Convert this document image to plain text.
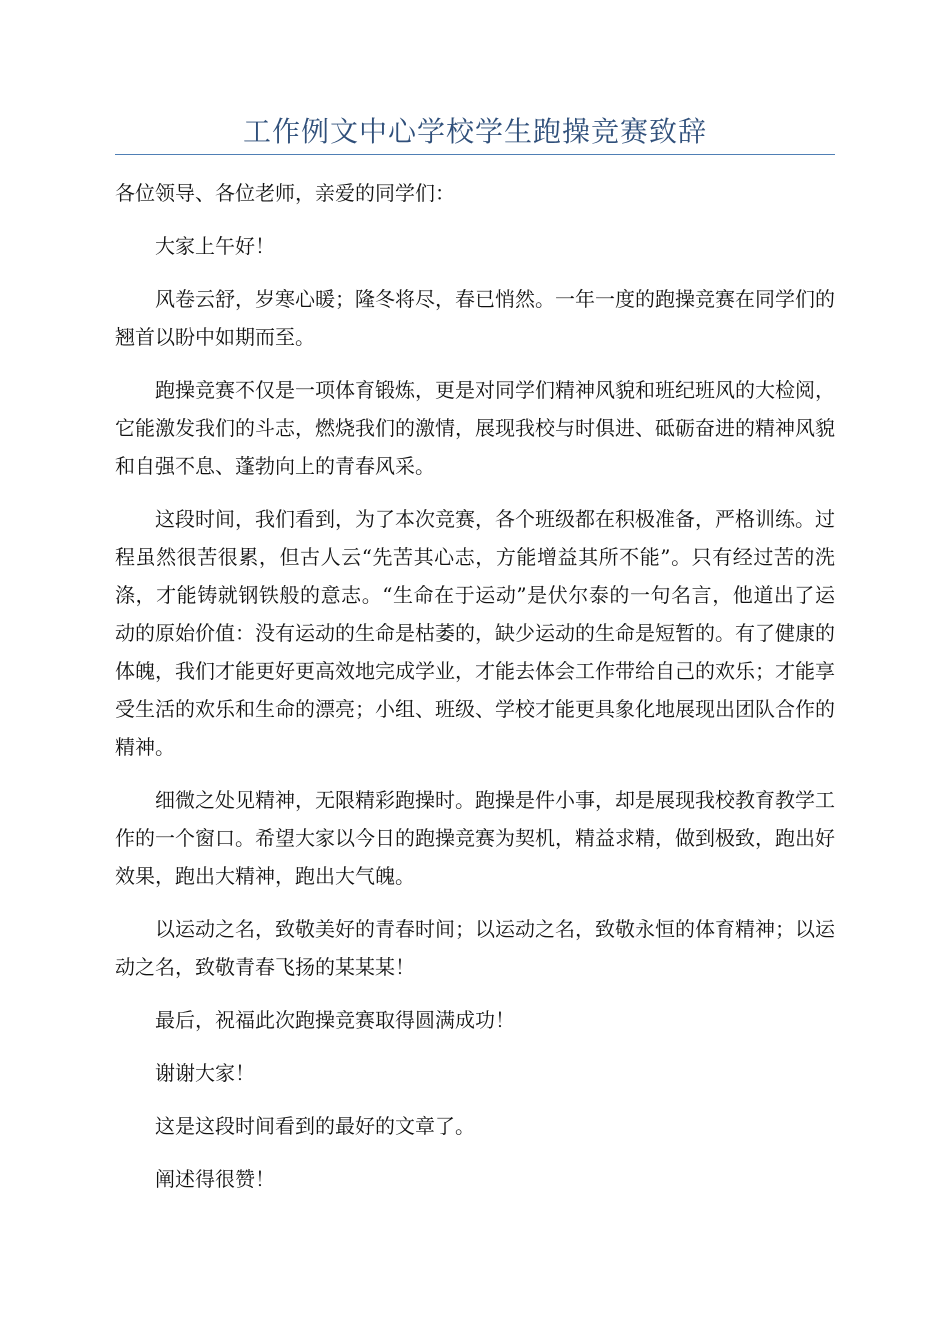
工作例文中心学校学生跑操竞赛致辞

各位领导、各位老师，亲爱的同学们：

大家上午好！

风卷云舒，岁寒心暖；隆冬将尽，春已悄然。一年一度的跑操竞赛在同学们的翘首以盼中如期而至。

跑操竞赛不仅是一项体育锻炼，更是对同学们精神风貌和班纪班风的大检阅，它能激发我们的斗志，燃烧我们的激情，展现我校与时俱进、砥砺奋进的精神风貌和自强不息、蓬勃向上的青春风采。

这段时间，我们看到，为了本次竞赛，各个班级都在积极准备，严格训练。过程虽然很苦很累，但古人云“先苦其心志，方能增益其所不能”。只有经过苦的洗涤，才能铸就钢铁般的意志。“生命在于运动”是伏尔泰的一句名言，他道出了运动的原始价值：没有运动的生命是枯萎的，缺少运动的生命是短暂的。有了健康的体魄，我们才能更好更高效地完成学业，才能去体会工作带给自己的欢乐；才能享受生活的欢乐和生命的漂亮；小组、班级、学校才能更具象化地展现出团队合作的精神。

细微之处见精神，无限精彩跑操时。跑操是件小事，却是展现我校教育教学工作的一个窗口。希望大家以今日的跑操竞赛为契机，精益求精，做到极致，跑出好效果，跑出大精神，跑出大气魄。

以运动之名，致敬美好的青春时间；以运动之名，致敬永恒的体育精神；以运动之名，致敬青春飞扬的某某某！

最后，祝福此次跑操竞赛取得圆满成功！

谢谢大家！

这是这段时间看到的最好的文章了。

阐述得很赞！
